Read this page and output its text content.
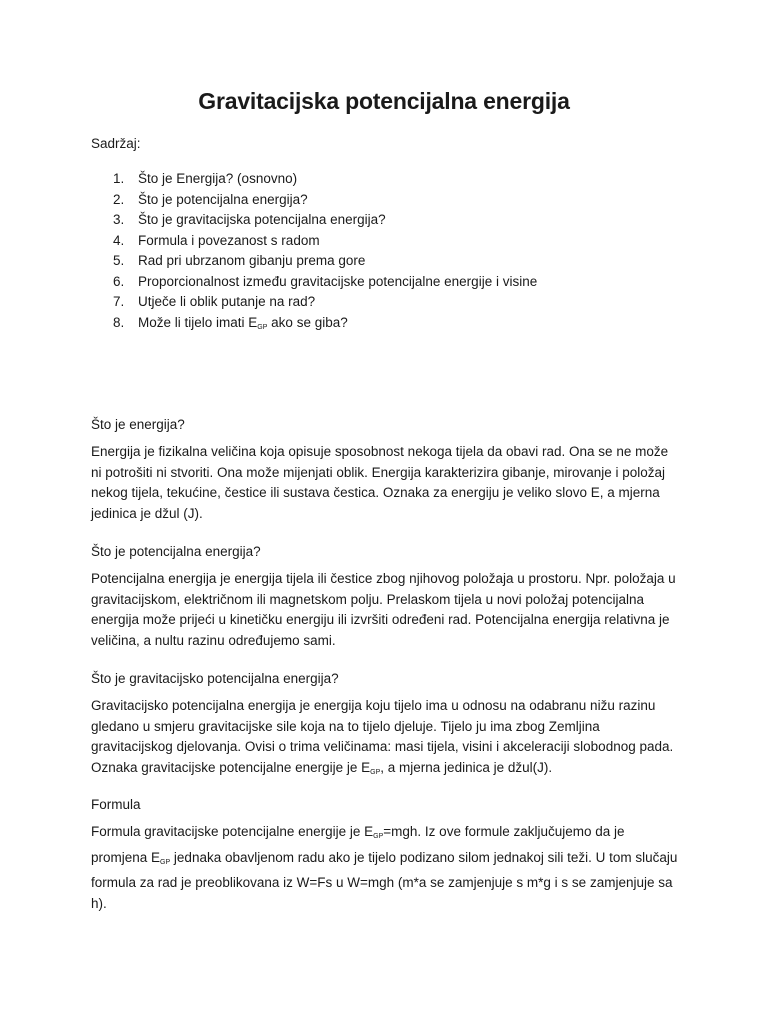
Gravitacijska potencijalna energija

Sadržaj:

1. Što je Energija? (osnovno)
2. Što je potencijalna energija?
3. Što je gravitacijska potencijalna energija?
4. Formula i povezanost s radom
5. Rad pri ubrzanom gibanju prema gore
6. Proporcionalnost između gravitacijske potencijalne energije i visine
7. Utječe li oblik putanje na rad?
8. Može li tijelo imati $E_{GP}$ ako se giba?

Što je energija?

Energija je fizikalna veličina koja opisuje sposobnost nekoga tijela da obavi rad. Ona se ne može ni potrošiti ni stvoriti. Ona može mijenjati oblik. Energija karakterizira gibanje, mirovanje i položaj nekog tijela, tekućine, čestice ili sustava čestica. Oznaka za energiju je veliko slovo E, a mjerna jedinica je džul (J).

Što je potencijalna energija?

Potencijalna energija je energija tijela ili čestice zbog njihovog položaja u prostoru. Npr. položaja u gravitacijskom, električnom ili magnetskom polju. Prelaskom tijela u novi položaj potencijalna energija može prijeći u kinetičku energiju ili izvršiti određeni rad. Potencijalna energija relativna je veličina, a nultu razinu određujemo sami.

Što je gravitacijsko potencijalna energija?

Gravitacijsko potencijalna energija je energija koju tijelo ima u odnosu na odabranu nižu razinu gledano u smjeru gravitacijske sile koja na to tijelo djeluje. Tijelo ju ima zbog Zemljina gravitacijskog djelovanja. Ovisi o trima veličinama: masi tijela, visini i akceleraciji slobodnog pada. Oznaka gravitacijske potencijalne energije je $E_{GP}$, a mjerna jedinica je džul(J).

Formula

Formula gravitacijske potencijalne energije je $E_{GP}=mgh$. Iz ove formule zaključujemo da je promjena $E_{GP}$ jednaka obavljenom radu ako je tijelo podizano silom jednakoj sili teži. U tom slučaju formula za rad je preoblikovana iz W=Fs u W=mgh (m*a se zamjenjuje s m*g i s se zamjenjuje sa h).
